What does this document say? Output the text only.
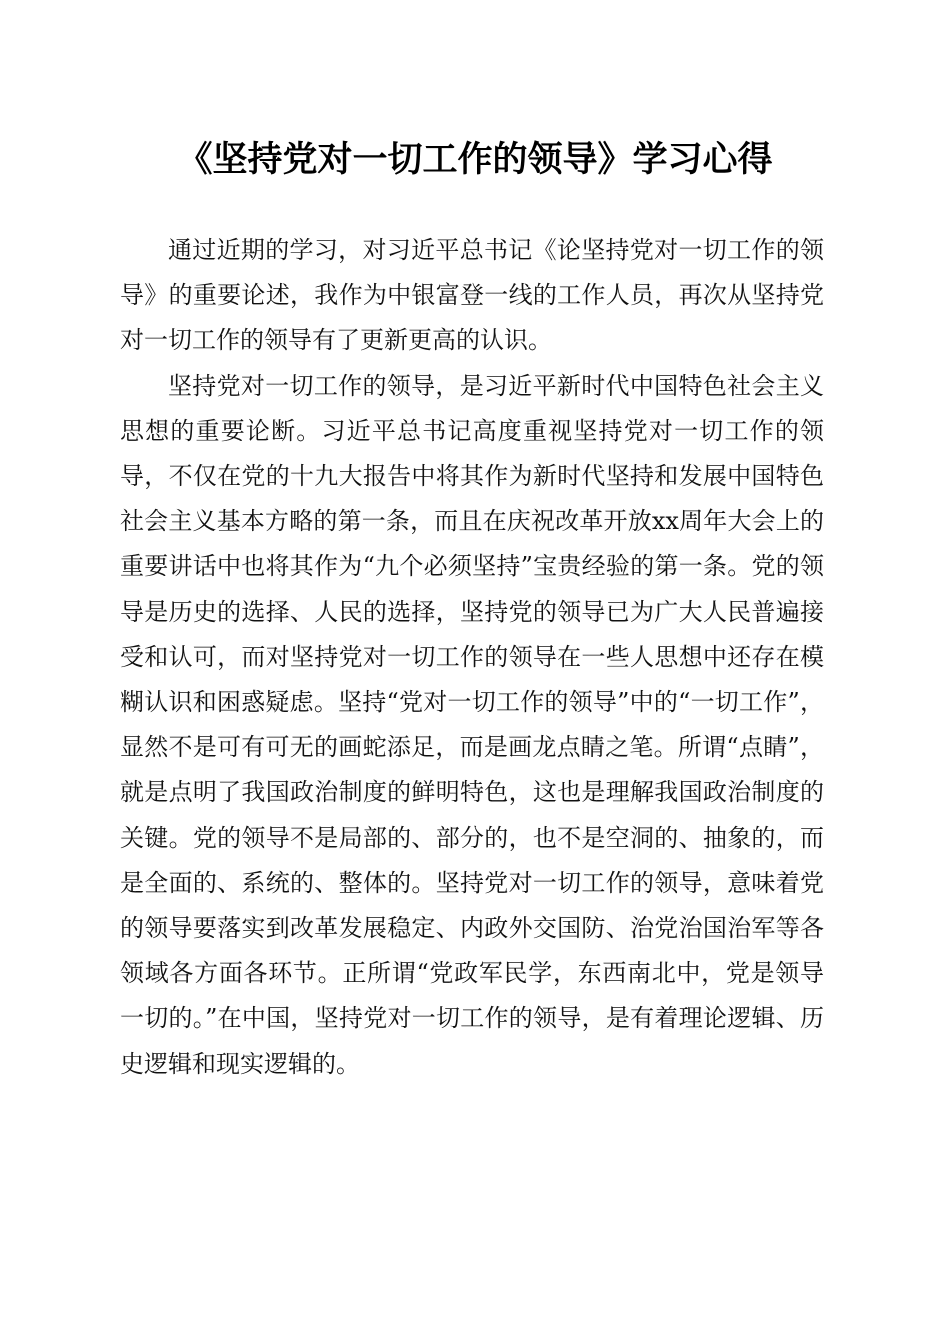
《坚持党对一切工作的领导》学习心得

通过近期的学习，对习近平总书记《论坚持党对一切工作的领导》的重要论述，我作为中银富登一线的工作人员，再次从坚持党对一切工作的领导有了更新更高的认识。

坚持党对一切工作的领导，是习近平新时代中国特色社会主义思想的重要论断。习近平总书记高度重视坚持党对一切工作的领导，不仅在党的十九大报告中将其作为新时代坚持和发展中国特色社会主义基本方略的第一条，而且在庆祝改革开放xx周年大会上的重要讲话中也将其作为“九个必须坚持”宝贵经验的第一条。党的领导是历史的选择、人民的选择，坚持党的领导已为广大人民普遍接受和认可，而对坚持党对一切工作的领导在一些人思想中还存在模糊认识和困惑疑虑。坚持“党对一切工作的领导”中的“一切工作”，显然不是可有可无的画蛇添足，而是画龙点睛之笔。所谓“点睛”，就是点明了我国政治制度的鲜明特色，这也是理解我国政治制度的关键。党的领导不是局部的、部分的，也不是空洞的、抽象的，而是全面的、系统的、整体的。坚持党对一切工作的领导，意味着党的领导要落实到改革发展稳定、内政外交国防、治党治国治军等各领域各方面各环节。正所谓“党政军民学，东西南北中，党是领导一切的。”在中国，坚持党对一切工作的领导，是有着理论逻辑、历史逻辑和现实逻辑的。
